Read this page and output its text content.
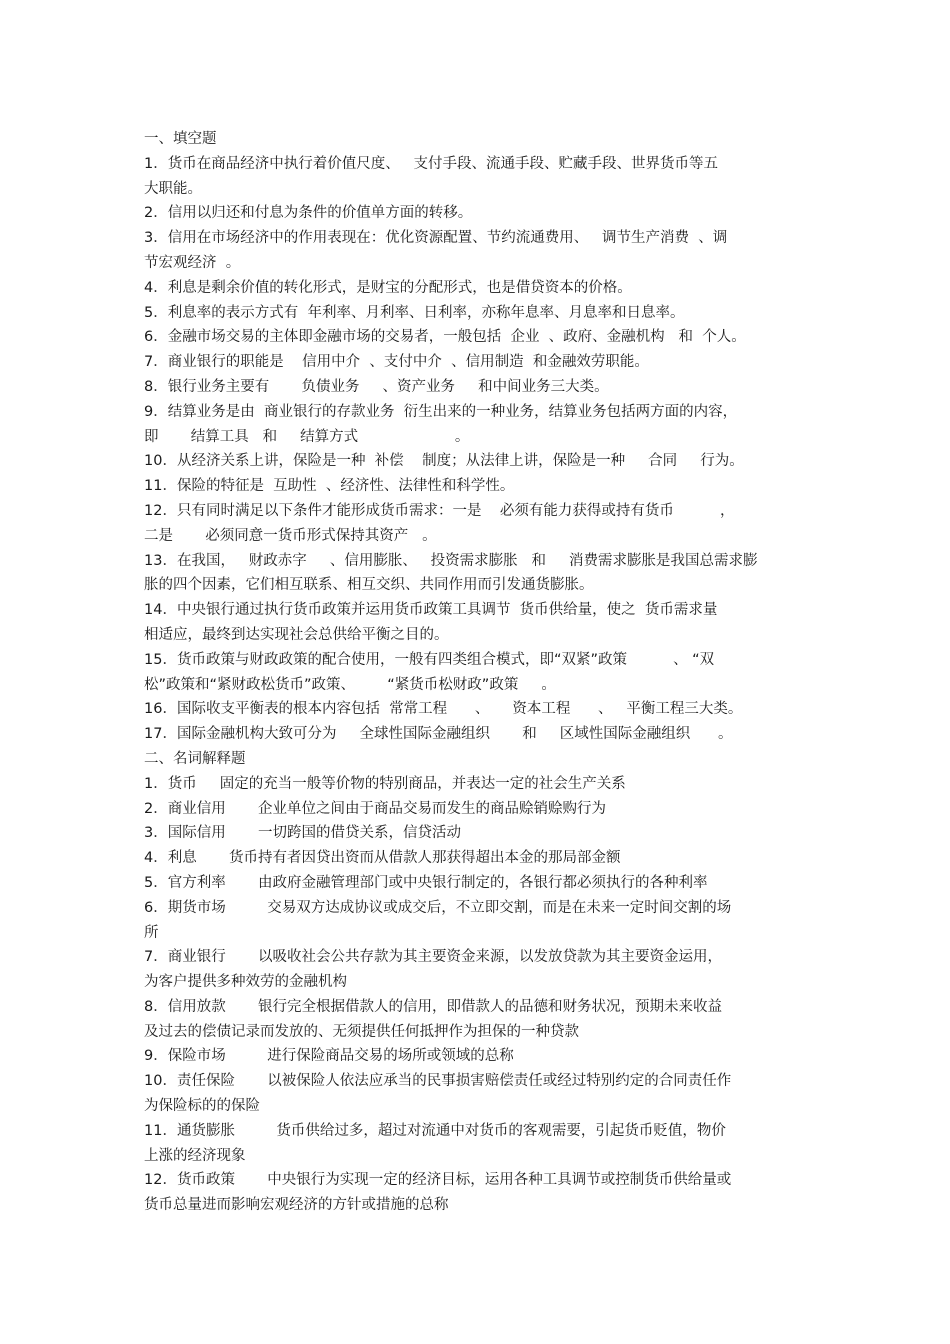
一、填空题
1．货币在商品经济中执行着价值尺度、   支付手段、流通手段、贮藏手段、世界货币等五
大职能。
2．信用以归还和付息为条件的价值单方面的转移。
3．信用在市场经济中的作用表现在：优化资源配置、节约流通费用、   调节生产消费  、调
节宏观经济  。
4．利息是剩余价值的转化形式，是财宝的分配形式，也是借贷资本的价格。
5．利息率的表示方式有  年利率、月利率、日利率，亦称年息率、月息率和日息率。
6．金融市场交易的主体即金融市场的交易者，一般包括  企业  、政府、金融机构   和  个人。
7．商业银行的职能是    信用中介  、支付中介  、信用制造  和金融效劳职能。
8．银行业务主要有       负债业务     、资产业务     和中间业务三大类。
9．结算业务是由  商业银行的存款业务  衍生出来的一种业务，结算业务包括两方面的内容，
即       结算工具   和     结算方式                     。
10．从经济关系上讲，保险是一种  补偿    制度；从法律上讲，保险是一种     合同     行为。
11．保险的特征是  互助性  、经济性、法律性和科学性。
12．只有同时满足以下条件才能形成货币需求：一是    必须有能力获得或持有货币          ，
二是       必须同意一货币形式保持其资产   。
13．在我国，   财政赤字     、信用膨胀、   投资需求膨胀   和     消费需求膨胀是我国总需求膨
胀的四个因素，它们相互联系、相互交织、共同作用而引发通货膨胀。
14．中央银行通过执行货币政策并运用货币政策工具调节  货币供给量，使之  货币需求量
相适应，最终到达实现社会总供给平衡之目的。
15．货币政策与财政政策的配合使用，一般有四类组合模式，即“双紧”政策          、 “双
松”政策和“紧财政松货币”政策、       “紧货币松财政”政策     。
16．国际收支平衡表的根本内容包括  常常工程      、     资本工程      、   平衡工程三大类。
17．国际金融机构大致可分为     全球性国际金融组织       和     区域性国际金融组织      。
二、名词解释题
1．货币     固定的充当一般等价物的特别商品，并表达一定的社会生产关系
2．商业信用       企业单位之间由于商品交易而发生的商品赊销赊购行为
3．国际信用       一切跨国的借贷关系，信贷活动
4．利息       货币持有者因贷出资而从借款人那获得超出本金的那局部金额
5．官方利率       由政府金融管理部门或中央银行制定的，各银行都必须执行的各种利率
6．期货市场         交易双方达成协议或成交后，不立即交割，而是在未来一定时间交割的场
所
7．商业银行       以吸收社会公共存款为其主要资金来源，以发放贷款为其主要资金运用，
为客户提供多种效劳的金融机构
8．信用放款       银行完全根据借款人的信用，即借款人的品德和财务状况，预期未来收益
及过去的偿债记录而发放的、无须提供任何抵押作为担保的一种贷款
9．保险市场         进行保险商品交易的场所或领域的总称
10．责任保险       以被保险人依法应承当的民事损害赔偿责任或经过特别约定的合同责任作
为保险标的的保险
11．通货膨胀         货币供给过多，超过对流通中对货币的客观需要，引起货币贬值，物价
上涨的经济现象
12．货币政策       中央银行为实现一定的经济目标，运用各种工具调节或控制货币供给量或
货币总量进而影响宏观经济的方针或措施的总称
